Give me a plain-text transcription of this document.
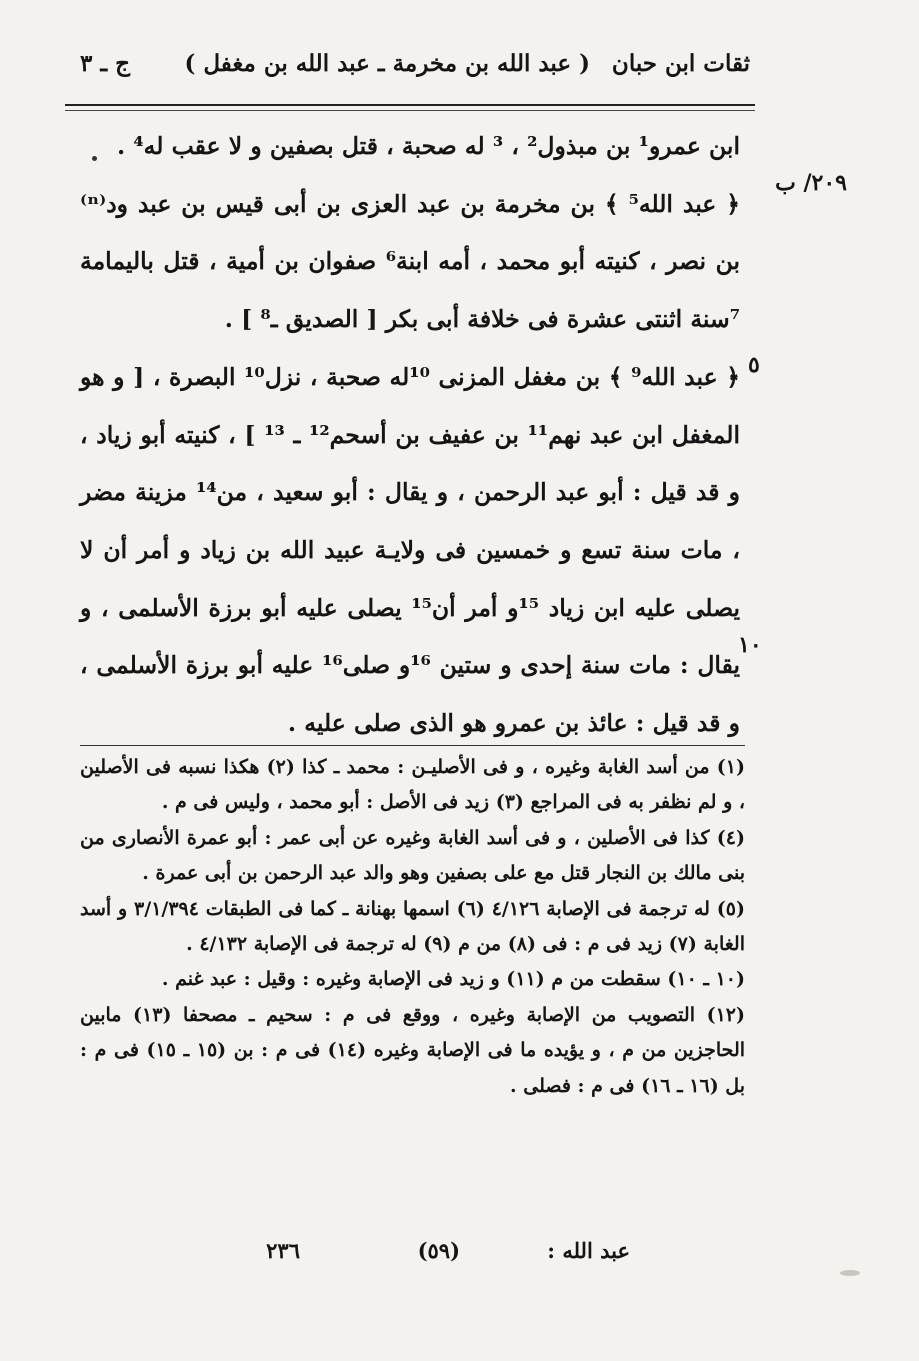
ثقات ابن حبان
( عبد الله بن مخرمة ـ عبد الله بن مغفل )
ج ـ ٣
٢٠٩/ ب
٥
١٠

ابن عمرو¹ بن مبذول² ، ³ له صحبة ، قتل بصفين و لا عقب له⁴ .

﴿ عبد الله⁵ ﴾ بن مخرمة بن عبد العزى بن أبى قيس بن عبد ود⁽ⁿ⁾ بن نصر ، كنيته أبو محمد ، أمه ابنة⁶ صفوان بن أمية ، قتل باليمامة ⁷سنة اثنتى عشرة فى خلافة أبى بكر [ الصديق ـ⁸ ] .

﴿ عبد الله⁹ ﴾ بن مغفل المزنى ¹⁰له صحبة ، نزل¹⁰ البصرة ، [ و هو المغفل ابن عبد نهم¹¹ بن عفيف بن أسحم¹² ـ ¹³ ] ، كنيته أبو زياد ، و قد قيل : أبو عبد الرحمن ، و يقال : أبو سعيد ، من¹⁴ مزينة مضر ، مات سنة تسع و خمسين فى ولايـة عبيد الله بن زياد و أمر أن لا يصلى عليه ابن زياد ¹⁵و أمر أن¹⁵ يصلى عليه أبو برزة الأسلمى ، و يقال : مات سنة إحدى و ستين ¹⁶و صلى¹⁶ عليه أبو برزة الأسلمى ، و قد قيل : عائذ بن عمرو هو الذى صلى عليه .

(١) من أسد الغابة وغيره ، و فى الأصليـن : محمد ـ كذا (٢) هكذا نسبه فى الأصلين ، و لم نظفر به فى المراجع (٣) زيد فى الأصل : أبو محمد ، وليس فى م .

(٤) كذا فى الأصلين ، و فى أسد الغابة وغيره عن أبى عمر : أبو عمرة الأنصارى من بنى مالك بن النجار قتل مع على بصفين وهو والد عبد الرحمن بن أبى عمرة .

(٥) له ترجمة فى الإصابة ٤/١٢٦ (٦) اسمها بهنانة ـ كما فى الطبقات ٣/١/٣٩٤ و أسد الغابة (٧) زيد فى م : فى (٨) من م (٩) له ترجمة فى الإصابة ٤/١٣٢ .

(١٠ ـ ١٠) سقطت من م (١١) و زيد فى الإصابة وغيره : وقيل : عبد غنم .

(١٢) التصويب من الإصابة وغيره ، ووقع فى م : سحيم ـ مصحفا (١٣) مابين الحاجزين من م ، و يؤيده ما فى الإصابة وغيره (١٤) فى م : بن (١٥ ـ ١٥) فى م : بل (١٦ ـ ١٦) فى م : فصلى .

عبد الله :
(٥٩)
٢٣٦
